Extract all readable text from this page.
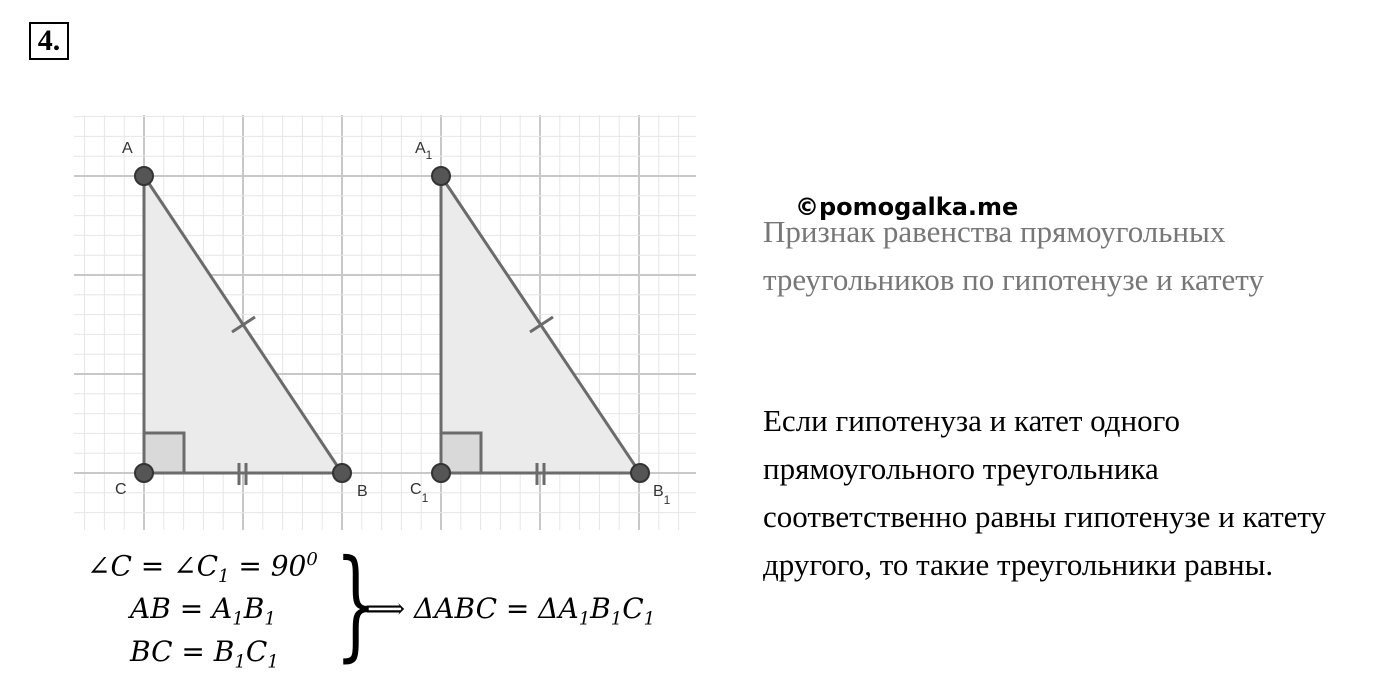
4.
A
C	B
$A_1$
$C_1$	$B_1$
∠C = $\angle C_1 = 90^0$
AB = $A_1B_1$
BC = $B_1C_1$ }
⟹ $\Delta ABC = \Delta A_1B_1C_1$
Признак равенства прямоугольных треугольников по гипотенузе и катету
©pomogalka.me
Если гипотенуза и катет одного прямоугольного треугольника соответственно равны гипотенузе и катету другого, то такие треугольники равны.
